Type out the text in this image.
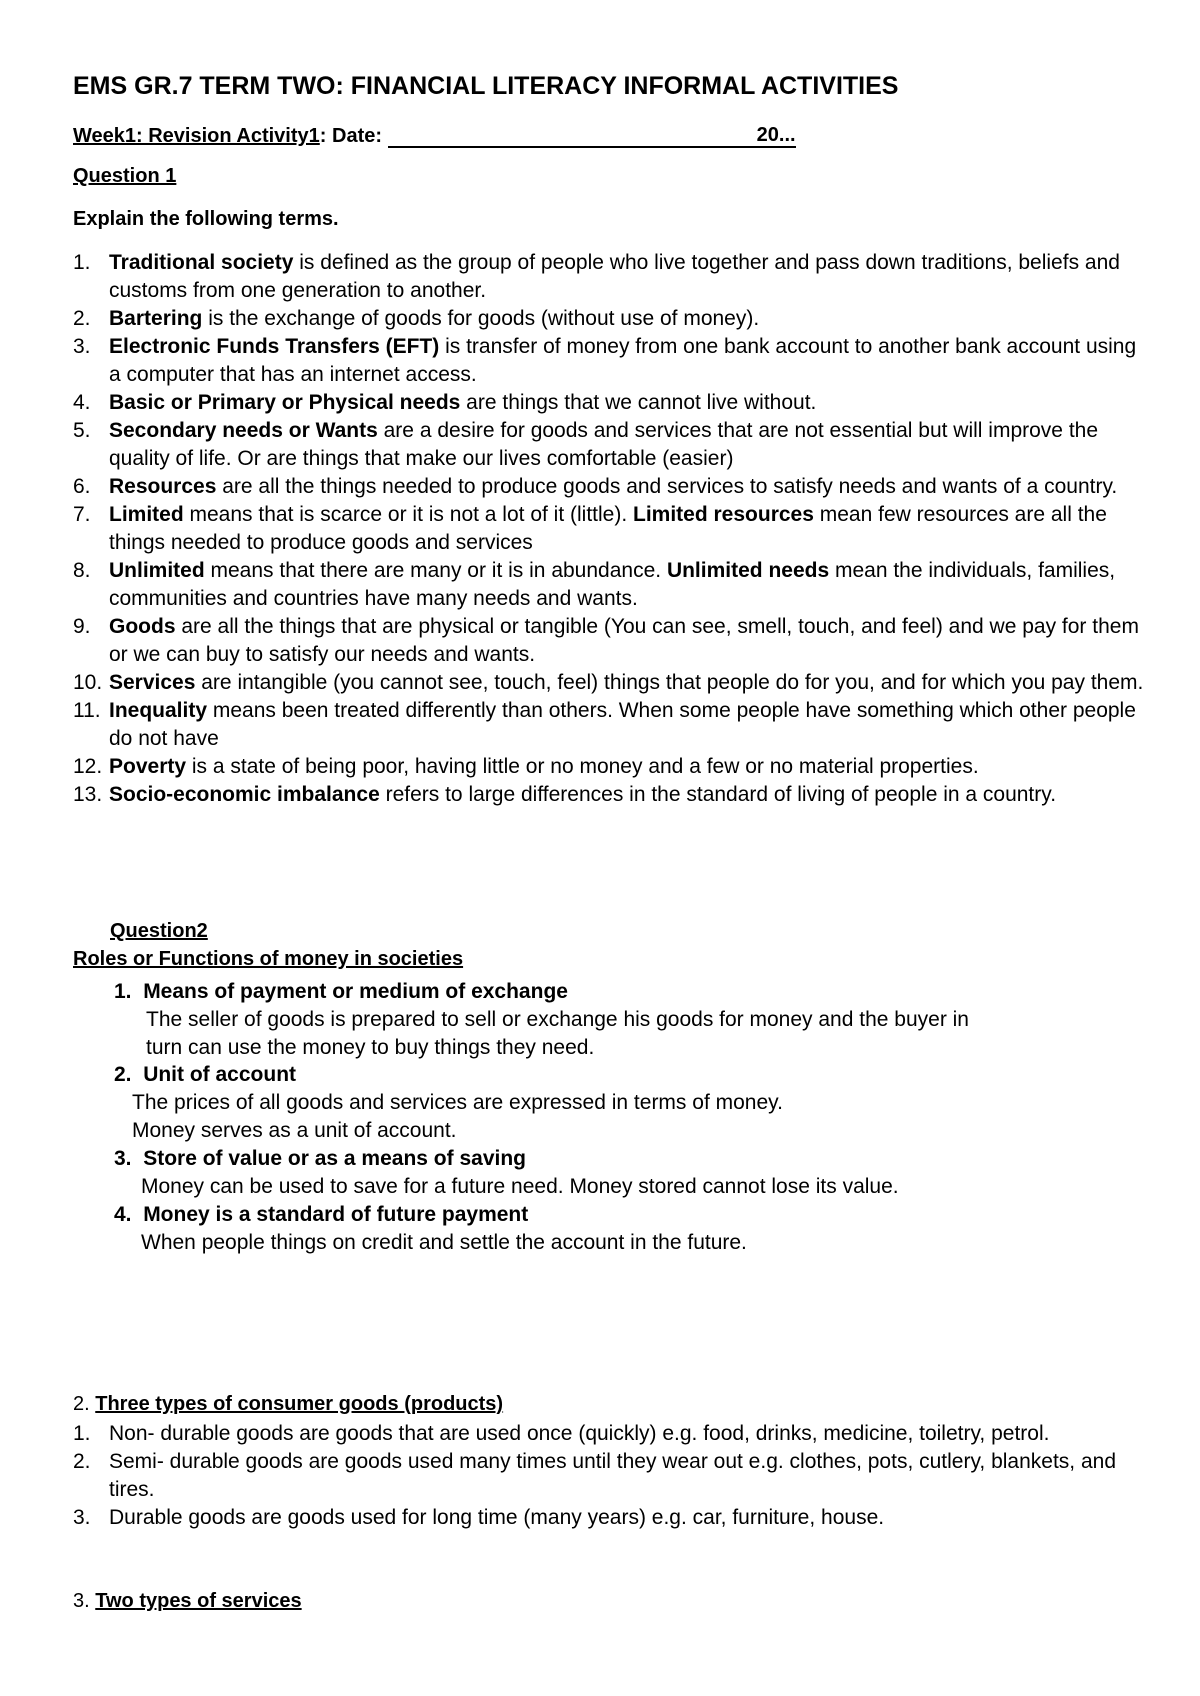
EMS GR.7 TERM TWO: FINANCIAL LITERACY INFORMAL ACTIVITIES
Week1: Revision Activity1: Date:	20...
Question 1
Explain the following terms.
1. Traditional society is defined as the group of people who live together and pass down traditions, beliefs and customs from one generation to another.
2. Bartering is the exchange of goods for goods (without use of money).
3. Electronic Funds Transfers (EFT) is transfer of money from one bank account to another bank account using a computer that has an internet access.
4. Basic or Primary or Physical needs are things that we cannot live without.
5. Secondary needs or Wants are a desire for goods and services that are not essential but will improve the quality of life. Or are things that make our lives comfortable (easier)
6. Resources are all the things needed to produce goods and services to satisfy needs and wants of a country.
7. Limited means that is scarce or it is not a lot of it (little). Limited resources mean few resources are all the things needed to produce goods and services
8. Unlimited means that there are many or it is in abundance. Unlimited needs mean the individuals, families, communities and countries have many needs and wants.
9. Goods are all the things that are physical or tangible (You can see, smell, touch, and feel) and we pay for them or we can buy to satisfy our needs and wants.
10. Services are intangible (you cannot see, touch, feel) things that people do for you, and for which you pay them.
11. Inequality means been treated differently than others. When some people have something which other people do not have
12. Poverty is a state of being poor, having little or no money and a few or no material properties.
13. Socio-economic imbalance refers to large differences in the standard of living of people in a country.
Question2
Roles or Functions of money in societies
1. Means of payment or medium of exchange
The seller of goods is prepared to sell or exchange his goods for money and the buyer in
turn can use the money to buy things they need.
2. Unit of account
The prices of all goods and services are expressed in terms of money.
Money serves as a unit of account.
3. Store of value or as a means of saving
Money can be used to save for a future need. Money stored cannot lose its value.
4. Money is a standard of future payment
When people things on credit and settle the account in the future.
2. Three types of consumer goods (products)
1. Non- durable goods are goods that are used once (quickly) e.g. food, drinks, medicine, toiletry, petrol.
2. Semi- durable goods are goods used many times until they wear out e.g. clothes, pots, cutlery, blankets, and tires.
3. Durable goods are goods used for long time (many years) e.g. car, furniture, house.
3. Two types of services
